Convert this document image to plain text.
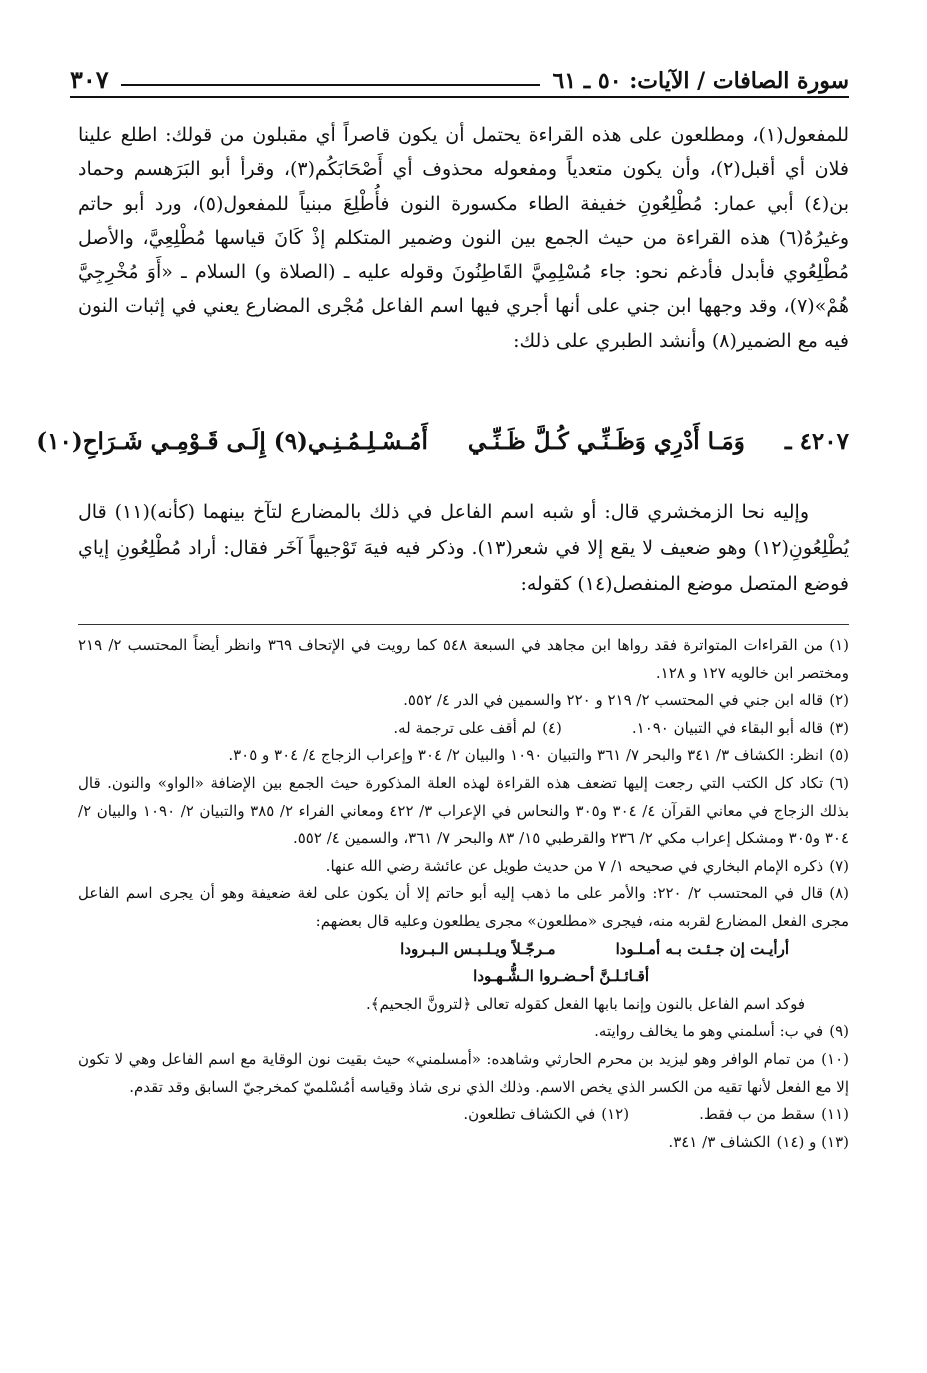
سورة الصافات / الآيات: ٥٠ ـ ٦١
٣٠٧

للمفعول(١)، ومطلعون على هذه القراءة يحتمل أن يكون قاصراً أي مقبلون من قولك: اطلع علينا فلان أي أقبل(٢)، وأن يكون متعدياً ومفعوله محذوف أي أَصْحَابَكُم(٣)، وقرأ أبو البَرَهسم وحماد بن(٤) أبي عمار: مُطْلِعُونِ خفيفة الطاء مكسورة النون فأُطْلِعَ مبنياً للمفعول(٥)، ورد أبو حاتم وغيرُهُ(٦) هذه القراءة من حيث الجمع بين النون وضمير المتكلم إذْ كَانَ قياسها مُطْلِعِيَّ، والأصل مُطْلِعُوي فأبدل فأدغم نحو: جاء مُسْلِمِيَّ القَاطِنُونَ وقوله عليه ـ (الصلاة و) السلام ـ «أَوَ مُخْرِجِيَّ هُمْ»(٧)، وقد وجهها ابن جني على أنها أجري فيها اسم الفاعل مُجْرى المضارع يعني في إثبات النون فيه مع الضمير(٨) وأنشد الطبري على ذلك:

٤٢٠٧ ـ
وَمَـا أَدْرِي وَظَـنِّـي كُـلَّ ظَـنِّـي
أَمُـسْـلِـمُـنِـي(٩) إِلَـى قَـوْمِـي شَـرَاحِ(١٠)

وإليه نحا الزمخشري قال: أو شبه اسم الفاعل في ذلك بالمضارع لتآخ بينهما (كأنه)(١١) قال يُطْلِعُونِ(١٢) وهو ضعيف لا يقع إلا في شعر(١٣). وذكر فيه فيهَ تَوْجيهاً آخَر فقال: أراد مُطْلِعُونِ إياي فوضع المتصل موضع المنفصل(١٤) كقوله:

(١)من القراءات المتواترة فقد رواها ابن مجاهد في السبعة ٥٤٨ كما رويت في الإتحاف ٣٦٩ وانظر أيضاً المحتسب ٢/ ٢١٩ ومختصر ابن خالويه ١٢٧ و ١٢٨.

(٢)قاله ابن جني في المحتسب ٢/ ٢١٩ و ٢٢٠ والسمين في الدر ٤/ ٥٥٢.

(٣)قاله أبو البقاء في التبيان ١٠٩٠.
(٤)لم أقف على ترجمة له.

(٥)انظر: الكشاف ٣/ ٣٤١ والبحر ٧/ ٣٦١ والتبيان ١٠٩٠ والبيان ٢/ ٣٠٤ وإعراب الزجاج ٤/ ٣٠٤ و ٣٠٥.

(٦)تكاد كل الكتب التي رجعت إليها تضعف هذه القراءة لهذه العلة المذكورة حيث الجمع بين الإضافة «الواو» والنون. قال بذلك الزجاج في معاني القرآن ٤/ ٣٠٤ و٣٠٥ والنحاس في الإعراب ٣/ ٤٢٢ ومعاني الفراء ٢/ ٣٨٥ والتبيان ٢/ ١٠٩٠ والبيان ٢/ ٣٠٤ و٣٠٥ ومشكل إعراب مكي ٢/ ٢٣٦ والقرطبي ١٥/ ٨٣ والبحر ٧/ ٣٦١، والسمين ٤/ ٥٥٢.

(٧)ذكره الإمام البخاري في صحيحه ١/ ٧ من حديث طويل عن عائشة رضي الله عنها.

(٨)قال في المحتسب ٢/ ٢٢٠: والأمر على ما ذهب إليه أبو حاتم إلا أن يكون على لغة ضعيفة وهو أن يجرى اسم الفاعل مجرى الفعل المضارع لقربه منه، فيجرى «مطلعون» مجرى يطلعون وعليه قال بعضهم:

أرأيـت إن جـئـت بـه أمـلـودا
مـرجّـلاً ويـلـبـس الـبـرودا
أقـائـلـنَّ أحـضـروا الـشُّـهـودا

فوكد اسم الفاعل بالنون وإنما بابها الفعل كقوله تعالى ﴿لترونَّ الجحيم﴾.

(٩)في ب: أسلمني وهو ما يخالف روايته.

(١٠)من تمام الوافر وهو ليزيد بن محرم الحارثي وشاهده: «أمسلمني» حيث بقيت نون الوقاية مع اسم الفاعل وهي لا تكون إلا مع الفعل لأنها تقيه من الكسر الذي يخص الاسم. وذلك الذي نرى شاذ وقياسه أمُسْلميّ كمخرجيّ السابق وقد تقدم.

(١١)سقط من ب فقط.
(١٢)في الكشاف تطلعون.

(١٣) و (١٤)الكشاف ٣/ ٣٤١.
